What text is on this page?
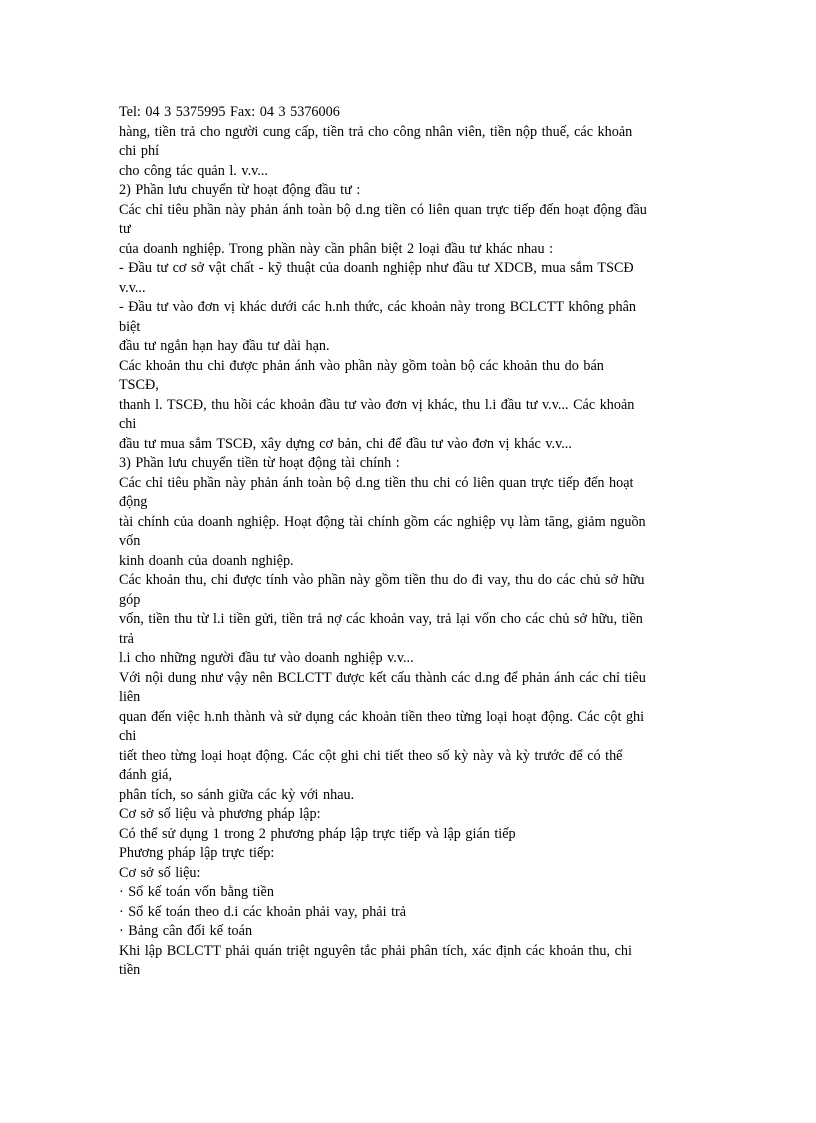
Tel: 04 3 5375995 Fax: 04 3 5376006
hàng, tiền trả cho người cung cấp, tiền trả cho công nhân viên, tiền nộp thuế, các khoản
chi phí
cho công tác quản l. v.v...
2) Phần lưu chuyển từ hoạt động đầu tư :
Các chỉ tiêu phần này phản ánh toàn bộ d.ng tiền có liên quan trực tiếp đến hoạt động đầu
tư
của doanh nghiệp. Trong phần này cần phân biệt 2 loại đầu tư khác nhau :
- Đầu tư cơ sở vật chất - kỹ thuật của doanh nghiệp như đầu tư XDCB, mua sắm TSCĐ
v.v...
- Đầu tư vào đơn vị khác dưới các h.nh thức, các khoản này trong BCLCTT không phân
biệt
đầu tư ngắn hạn hay đầu tư dài hạn.
Các khoản thu chi được phản ánh vào phần này gồm toàn bộ các khoản thu do bán
TSCĐ,
thanh l. TSCĐ, thu hồi các khoản đầu tư vào đơn vị khác, thu l.i đầu tư v.v... Các khoản
chi
đầu tư mua sắm TSCĐ, xây dựng cơ bản, chi để đầu tư vào đơn vị khác v.v...
3) Phần lưu chuyển tiền từ hoạt động tài chính :
Các chỉ tiêu phần này phản ánh toàn bộ d.ng tiền thu chi có liên quan trực tiếp đến hoạt
động
tài chính của doanh nghiệp. Hoạt động tài chính gồm các nghiệp vụ làm tăng, giảm nguồn
vốn
kinh doanh của doanh nghiệp.
Các khoản thu, chi được tính vào phần này gồm tiền thu do đi vay, thu do các chủ sở hữu
góp
vốn, tiền thu từ l.i tiền gửi, tiền trả nợ các khoản vay, trả lại vốn cho các chủ sở hữu, tiền
trả
l.i cho những người đầu tư vào doanh nghiệp v.v...
Với nội dung như vậy nên BCLCTT được kết cấu thành các d.ng để phản ánh các chỉ tiêu
liên
quan đến việc h.nh thành và sử dụng các khoản tiền theo từng loại hoạt động. Các cột ghi
chi
tiết theo từng loại hoạt động. Các cột ghi chi tiết theo số kỳ này và kỳ trước để có thể
đánh giá,
phân tích, so sánh giữa các kỳ với nhau.
Cơ sở số liệu và phương pháp lập:
Có thể sử dụng 1 trong 2 phương pháp lập trực tiếp và lập gián tiếp
Phương pháp lập trực tiếp:
Cơ sở số liệu:
· Sổ kế toán vốn bằng tiền
· Sổ kế toán theo d.i các khoản phải vay, phải trả
· Bảng cân đối kế toán
Khi lập BCLCTT phải quán triệt nguyên tắc phải phân tích, xác định các khoản thu, chi
tiền
